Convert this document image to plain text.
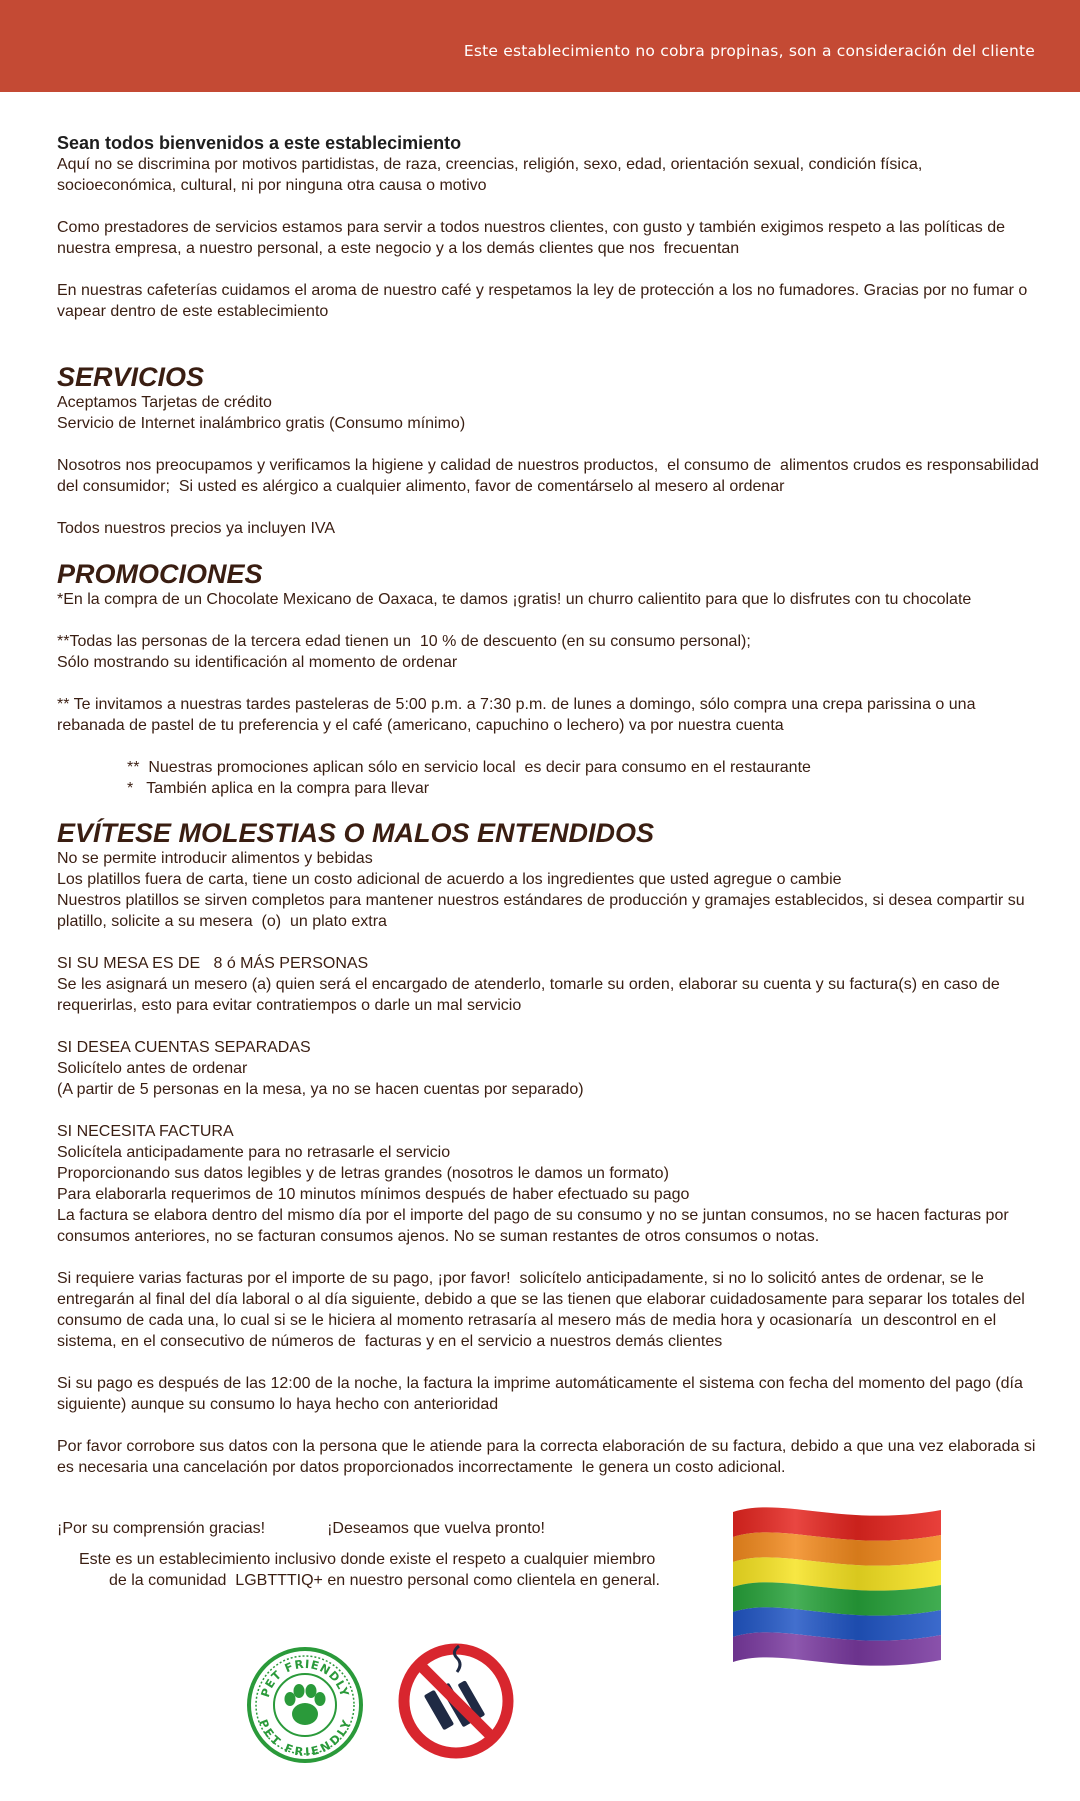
Este establecimiento no cobra propinas, son a consideración del cliente
Sean todos bienvenidos a este establecimiento

Aquí no se discrimina por motivos partidistas, de raza, creencias, religión, sexo, edad, orientación sexual, condición física, socioeconómica, cultural, ni por ninguna otra causa o motivo

Como prestadores de servicios estamos para servir a todos nuestros clientes, con gusto y también exigimos respeto a las políticas de nuestra empresa, a nuestro personal, a este negocio y a los demás clientes que nos  frecuentan

En nuestras cafeterías cuidamos el aroma de nuestro café y respetamos la ley de protección a los no fumadores. Gracias por no fumar o vapear dentro de este establecimiento

SERVICIOS

Aceptamos Tarjetas de crédito

Servicio de Internet inalámbrico gratis (Consumo mínimo)

Nosotros nos preocupamos y verificamos la higiene y calidad de nuestros productos,  el consumo de  alimentos crudos es responsabilidad del consumidor;  Si usted es alérgico a cualquier alimento, favor de comentárselo al mesero al ordenar

Todos nuestros precios ya incluyen IVA

PROMOCIONES

*En la compra de un Chocolate Mexicano de Oaxaca, te damos ¡gratis! un churro calientito para que lo disfrutes con tu chocolate

**Todas las personas de la tercera edad tienen un  10 % de descuento (en su consumo personal);

Sólo mostrando su identificación al momento de ordenar

** Te invitamos a nuestras tardes pasteleras de 5:00 p.m. a 7:30 p.m. de lunes a domingo, sólo compra una crepa parissina o una rebanada de pastel de tu preferencia y el café (americano, capuchino o lechero) va por nuestra cuenta

**  Nuestras promociones aplican sólo en servicio local  es decir para consumo en el restaurante

*   También aplica en la compra para llevar

EVÍTESE MOLESTIAS O MALOS ENTENDIDOS

No se permite introducir alimentos y bebidas

Los platillos fuera de carta, tiene un costo adicional de acuerdo a los ingredientes que usted agregue o cambie

Nuestros platillos se sirven completos para mantener nuestros estándares de producción y gramajes establecidos, si desea compartir su platillo, solicite a su mesera  (o)  un plato extra

SI SU MESA ES DE   8 ó MÁS PERSONAS

Se les asignará un mesero (a) quien será el encargado de atenderlo, tomarle su orden, elaborar su cuenta y su factura(s) en caso de requerirlas, esto para evitar contratiempos o darle un mal servicio

SI DESEA CUENTAS SEPARADAS

Solicítelo antes de ordenar

(A partir de 5 personas en la mesa, ya no se hacen cuentas por separado)

SI NECESITA FACTURA

Solicítela anticipadamente para no retrasarle el servicio

Proporcionando sus datos legibles y de letras grandes (nosotros le damos un formato)

Para elaborarla requerimos de 10 minutos mínimos después de haber efectuado su pago

La factura se elabora dentro del mismo día por el importe del pago de su consumo y no se juntan consumos, no se hacen facturas por consumos anteriores, no se facturan consumos ajenos. No se suman restantes de otros consumos o notas.

Si requiere varias facturas por el importe de su pago, ¡por favor!  solicítelo anticipadamente, si no lo solicitó antes de ordenar, se le entregarán al final del día laboral o al día siguiente, debido a que se las tienen que elaborar cuidadosamente para separar los totales del consumo de cada una, lo cual si se le hiciera al momento retrasaría al mesero más de media hora y ocasionaría  un descontrol en el sistema, en el consecutivo de números de  facturas y en el servicio a nuestros demás clientes

Si su pago es después de las 12:00 de la noche, la factura la imprime automáticamente el sistema con fecha del momento del pago (día siguiente) aunque su consumo lo haya hecho con anterioridad

Por favor corrobore sus datos con la persona que le atiende para la correcta elaboración de su factura, debido a que una vez elaborada si es necesaria una cancelación por datos proporcionados incorrectamente  le genera un costo adicional.

¡Por su comprensión gracias!	¡Deseamos que vuelva pronto!

Este es un establecimiento inclusivo donde existe el respeto a cualquier miembro

de la comunidad  LGBTTTIQ+ en nuestro personal como clientela en general.

PET FRIENDLY
PET FRIENDLY
